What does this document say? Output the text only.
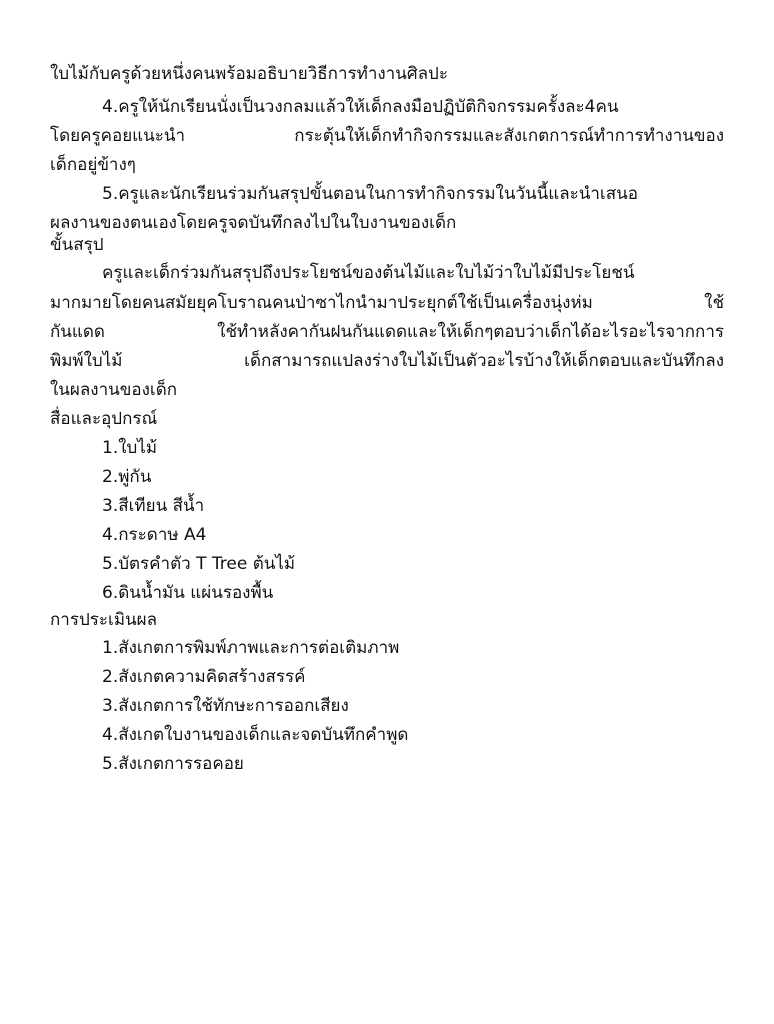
ใบไม้กับครูด้วยหนึ่งคนพร้อมอธิบายวิธีการทำงานศิลปะ
4.ครูให้นักเรียนนั่งเป็นวงกลมแล้วให้เด็กลงมือปฏิบัติกิจกรรมครั้งละ4คน
โดยครูคอยแนะนำ กระตุ้นให้เด็กทำกิจกรรมและสังเกตการณ์ทำการทำงานของ
เด็กอยู่ข้างๆ
5.ครูและนักเรียนร่วมกันสรุปขั้นตอนในการทำกิจกรรมในวันนี้และนำเสนอ
ผลงานของตนเองโดยครูจดบันทึกลงไปในใบงานของเด็ก
ขั้นสรุป
ครูและเด็กร่วมกันสรุปถึงประโยชน์ของต้นไม้และใบไม้ว่าใบไม้มีประโยชน์
มากมายโดยคนสมัยยุคโบราณคนป่าซาไกนำมาประยุกต์ใช้เป็นเครื่องนุ่งห่ม ใช้
กันแดด ใช้ทำหลังคากันฝนกันแดดและให้เด็กๆตอบว่าเด็กได้อะไรอะไรจากการ
พิมพ์ใบไม้ เด็กสามารถแปลงร่างใบไม้เป็นตัวอะไรบ้างให้เด็กตอบและบันทึกลง
ในผลงานของเด็ก
สื่อและอุปกรณ์
1.ใบไม้
2.พู่กัน
3.สีเทียน สีน้ำ
4.กระดาษ A4
5.บัตรคำตัว T Tree ต้นไม้
6.ดินน้ำมัน แผ่นรองพื้น
การประเมินผล
1.สังเกตการพิมพ์ภาพและการต่อเติมภาพ
2.สังเกตความคิดสร้างสรรค์
3.สังเกตการใช้ทักษะการออกเสียง
4.สังเกตใบงานของเด็กและจดบันทึกคำพูด
5.สังเกตการรอคอย
